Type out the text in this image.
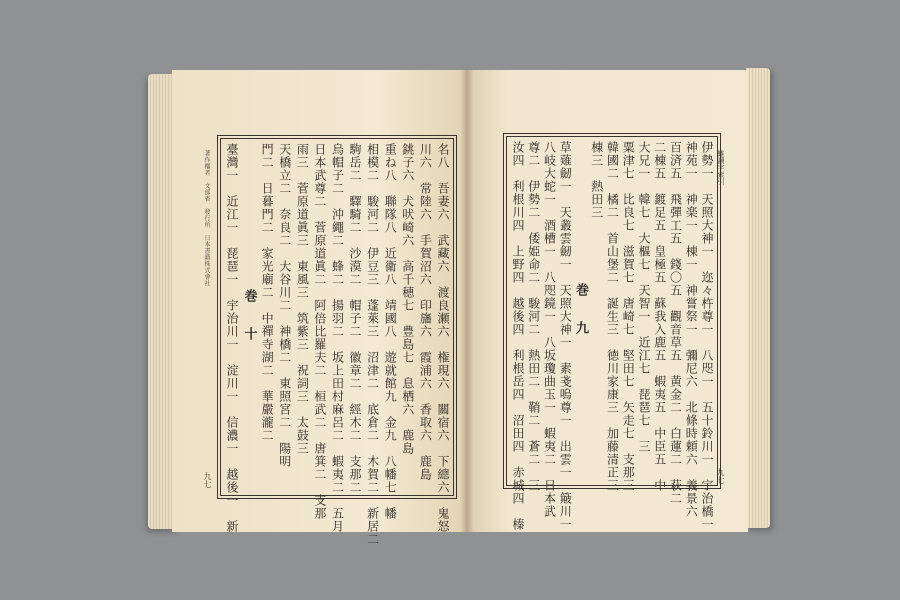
著作權者　文部省　發行所　日本書籍株式會社	名八　吾妻六　武藏六　渡良瀬六　権現六　關宿六　下總六　鬼怒
川六　常陸六　手賀沼六　印旛六　霞浦六　香取六　鹿島
銚子六　犬吠崎六　高千穂七　豊島七　息栖六　鹿島
重ね八　聯隊八　近衛八　靖國八　遊就館九　金九　八幡七　幡
相模二　駿河二　伊豆三　蓬萊三　沼津二　底倉二　木賀二　新居二
駒岳二　驛騎二　沙漠二　帽子二　徽章二　經木二　支那二　
烏帽子二　沖繩二　蜂二　揚羽二　坂上田村麻呂二　蝦夷二　五月
日本武尊二　菅原道眞二　阿倍比羅夫二　桓武二　唐箕二　支那
雨三　菅原道眞三　東風三　筑紫三　祝詞三　太鼓三　
天橋立二　奈良二　大谷川二　神橋二　東照宮二　陽明
門二　日暮門二　家光廟二　中禪寺湖二　華嚴瀧二
巻　十
臺灣一　近江一　琵琶一　宇治川一　淀川一　信濃一　越後一　新
九七
難讀字索引
伊勢一　天照大神一　迩々杵尊一　八咫一　五十鈴川一　宇治橋一
神苑一　神楽一　棟一　神嘗祭一　彌尼六　北條時頼六　義景六
百済五　飛彈工五　錢〇五　觀音草五　黄金二　白蓮二　萩二
二棟五　鍍足五　皇極五　蘇我入鹿五　蝦夷五　中臣五　中
大兄一　韓七　大樞七　天智一　近江七　琵琶七　三
粟津七　比良七　滋賀七　唐崎七　堅田七　矢走七　支那三
韓國二　橘二　首山堡二　誕生三　徳川家康三　加藤清正三
棟三　熱田三
巻　九
草薙劒一　天叢雲劒一　天照大神一　素戔嗚尊一　出雲一　簸川一
八岐大蛇一　酒槽一　八咫鏡一　八坂瓊曲玉一　蝦夷二　日本武
尊二　伊勢二　倭姫命二　駿河二　熱田二　鞘二　蒼二　三
汝四　利根川四　上野四　越後四　利根岳四　沼田四　赤城四　榛	九七
